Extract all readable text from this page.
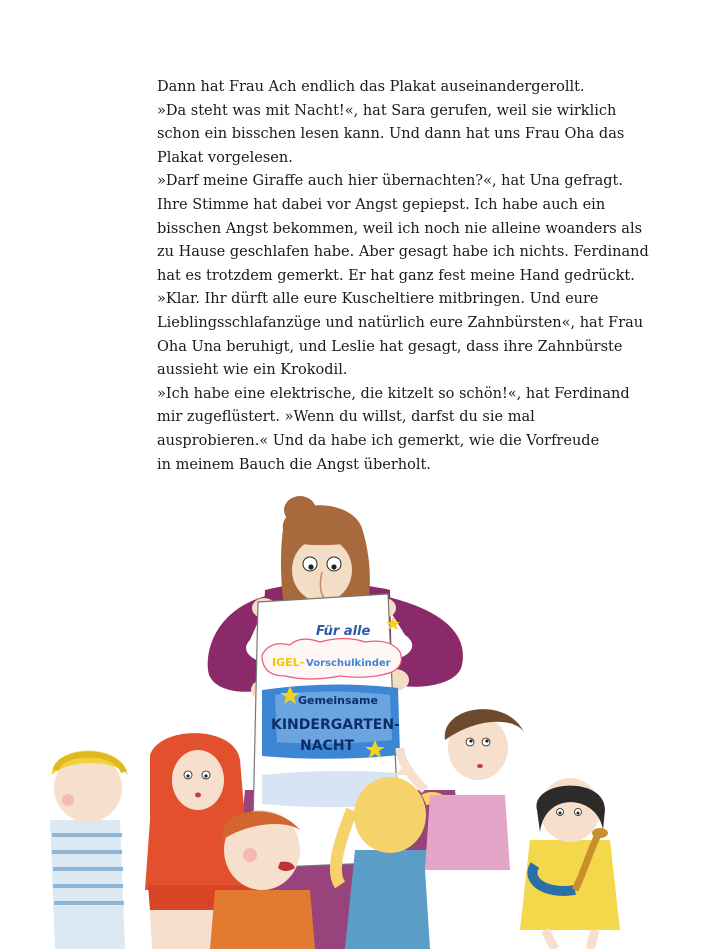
Dann hat Frau Ach endlich das Plakat auseinandergerollt.

»Da steht was mit Nacht!«, hat Sara gerufen, weil sie wirklich

schon ein bisschen lesen kann. Und dann hat uns Frau Oha das

Plakat vorgelesen.

»Darf meine Giraffe auch hier übernachten?«, hat Una gefragt.

Ihre Stimme hat dabei vor Angst gepiepst. Ich habe auch ein

bisschen Angst bekommen, weil ich noch nie alleine woanders als

zu Hause geschlafen habe. Aber gesagt habe ich nichts. Ferdinand

hat es trotzdem gemerkt. Er hat ganz fest meine Hand gedrückt.

»Klar. Ihr dürft alle eure Kuscheltiere mitbringen. Und eure

Lieblingsschlafanzüge und natürlich eure Zahnbürsten«, hat Frau

Oha Una beruhigt, und Leslie hat gesagt, dass ihre Zahnbürste

aussieht wie ein Krokodil.

»Ich habe eine elektrische, die kitzelt so schön!«, hat Ferdinand

mir zugeflüstert. »Wenn du willst, darfst du sie mal

ausprobieren.« Und da habe ich gemerkt, wie die Vorfreude

in meinem Bauch die Angst überholt.

Für alle
IGEL- Vorschulkinder
Gemeinsame
KINDERGARTEN-
NACHT
